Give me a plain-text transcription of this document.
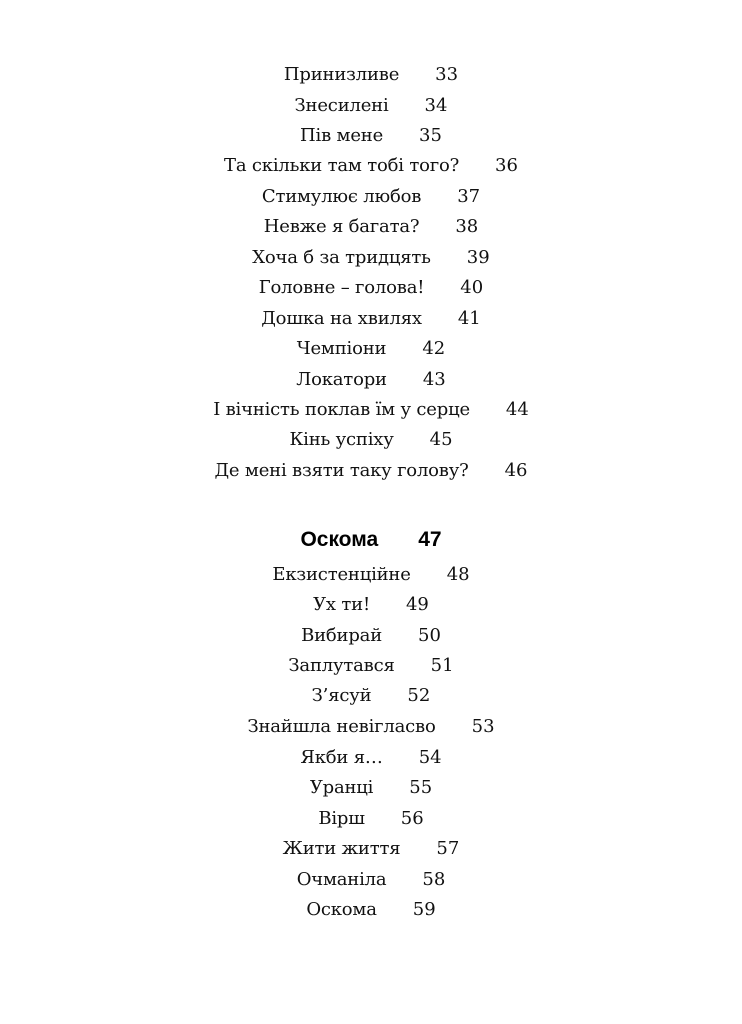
Принизливе 33
Знесилені 34
Пів мене 35
Та скільки там тобі того? 36
Стимулює любов 37
Невже я багата? 38
Хоча б за тридцять 39
Головне – голова! 40
Дошка на хвилях 41
Чемпіони 42
Локатори 43
І вічність поклав їм у серце 44
Кінь успіху 45
Де мені взяти таку голову? 46
Оскома 47
Екзистенційне 48
Ух ти! 49
Вибирай 50
Заплутався 51
З’ясуй 52
Знайшла невігласво 53
Якби я… 54
Уранці 55
Вірш 56
Жити життя 57
Очманіла 58
Оскома 59
